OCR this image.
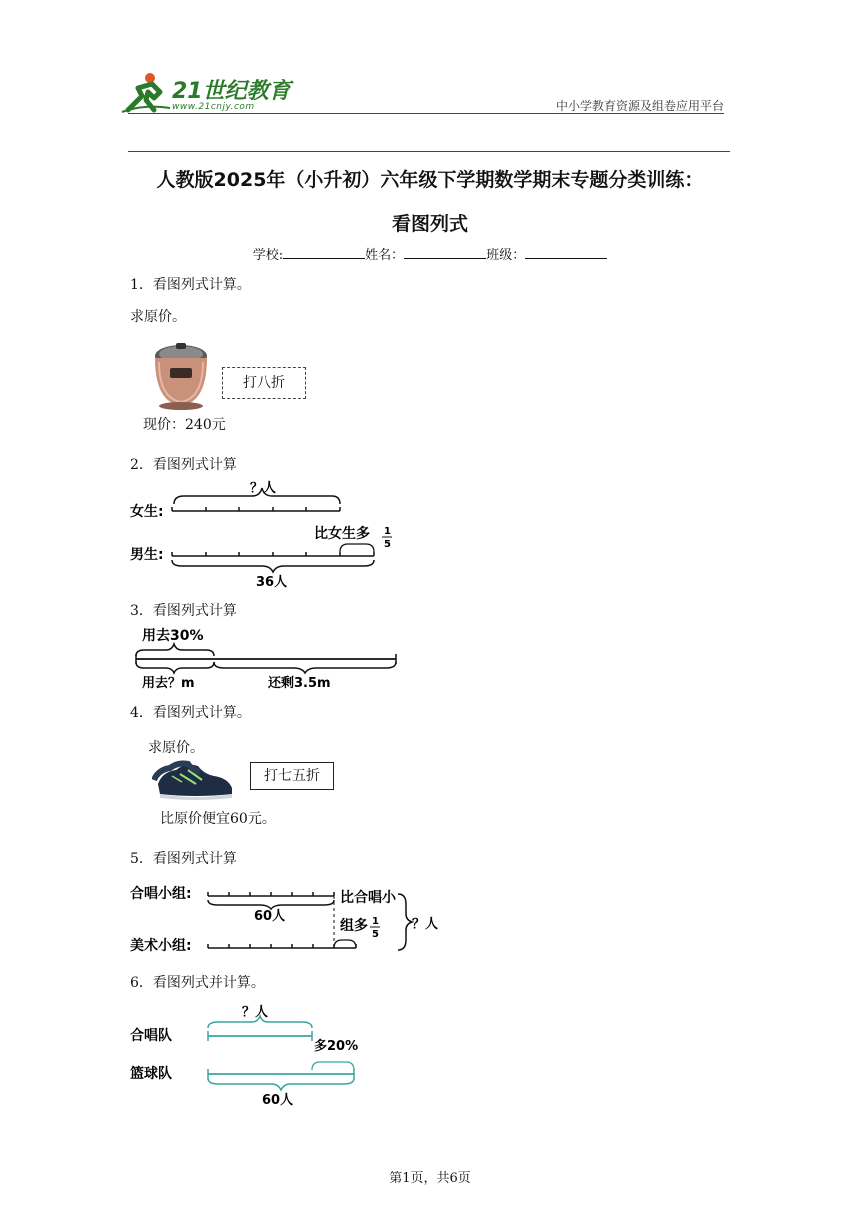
21世纪教育
www.21cnjy.com	中小学教育资源及组卷应用平台
人教版2025年（小升初）六年级下学期数学期末专题分类训练：
看图列式
学校:	姓名：	班级：
1．看图列式计算。
求原价。
打八折
现价：240元
2．看图列式计算
女生:
？人
比女生多 1
5
男生:
36人
3．看图列式计算
用去30%
用去？m	还剩3.5m
4．看图列式计算。
求原价。
打七五折
比原价便宜60元。
5．看图列式计算
合唱小组:
60人
比合唱小
组多 1
5
？人
美术小组:
6．看图列式并计算。
？人
合唱队
多20%
篮球队
60人
第1页，共6页
